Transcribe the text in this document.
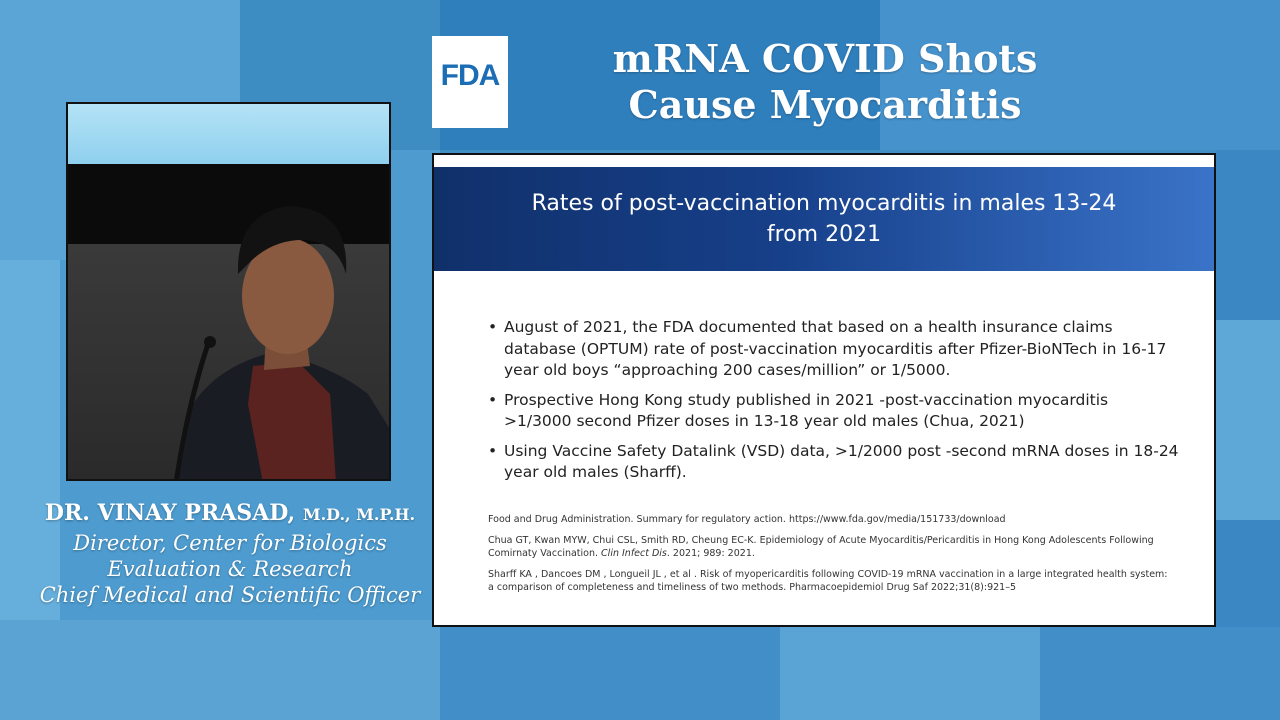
FDA	mRNA COVID Shots
Cause Myocarditis
DR. VINAY PRASAD, M.D., M.P.H.
Director, Center for Biologics
Evaluation & Research
Chief Medical and Scientific Officer
Rates of post-vaccination myocarditis in males 13-24 from 2021
• August of 2021, the FDA documented that based on a health insurance claims database (OPTUM) rate of post-vaccination myocarditis after Pfizer-BioNTech in 16-17 year old boys “approaching 200 cases/million” or 1/5000.
• Prospective Hong Kong study published in 2021 -post-vaccination myocarditis >1/3000 second Pfizer doses in 13-18 year old males (Chua, 2021)
• Using Vaccine Safety Datalink (VSD) data, >1/2000 post -second mRNA doses in 18-24 year old males (Sharff).

Food and Drug Administration. Summary for regulatory action. https://www.fda.gov/media/151733/download

Chua GT, Kwan MYW, Chui CSL, Smith RD, Cheung EC-K. Epidemiology of Acute Myocarditis/Pericarditis in Hong Kong Adolescents Following Comirnaty Vaccination. Clin Infect Dis. 2021; 989: 2021.

Sharff KA , Dancoes DM , Longueil JL , et al . Risk of myopericarditis following COVID-19 mRNA vaccination in a large integrated health system: a comparison of completeness and timeliness of two methods. Pharmacoepidemiol Drug Saf 2022;31(8):921–5
